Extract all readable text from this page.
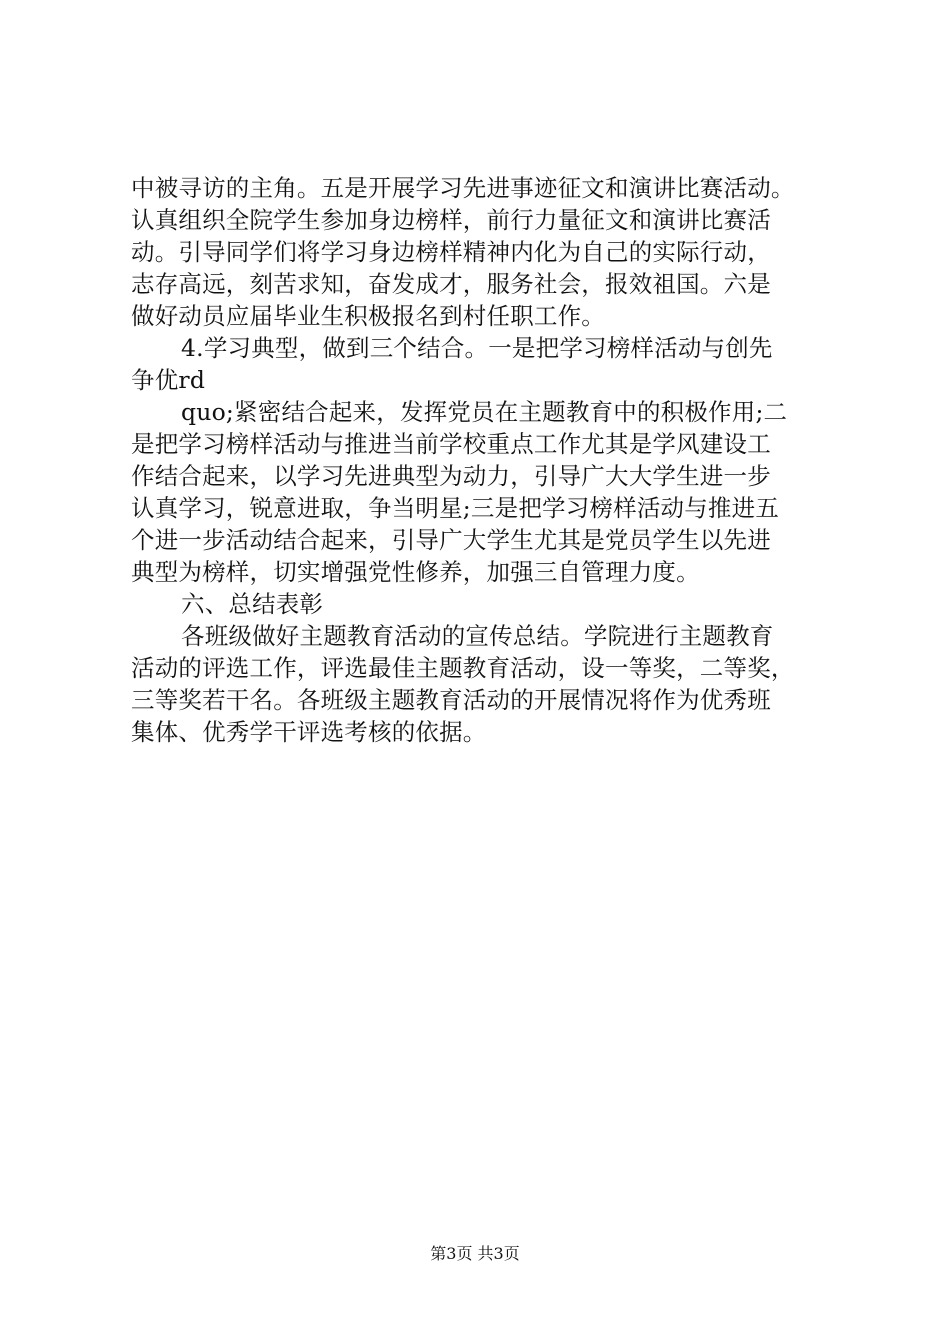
中被寻访的主角。五是开展学习先进事迹征文和演讲比赛活动。
认真组织全院学生参加身边榜样，前行力量征文和演讲比赛活
动。引导同学们将学习身边榜样精神内化为自己的实际行动，
志存高远，刻苦求知，奋发成才，服务社会，报效祖国。六是
做好动员应届毕业生积极报名到村任职工作。
4.学习典型，做到三个结合。一是把学习榜样活动与创先
争优rd
quo;紧密结合起来，发挥党员在主题教育中的积极作用;二
是把学习榜样活动与推进当前学校重点工作尤其是学风建设工
作结合起来，以学习先进典型为动力，引导广大大学生进一步
认真学习，锐意进取，争当明星;三是把学习榜样活动与推进五
个进一步活动结合起来，引导广大学生尤其是党员学生以先进
典型为榜样，切实增强党性修养，加强三自管理力度。
六、总结表彰
各班级做好主题教育活动的宣传总结。学院进行主题教育
活动的评选工作，评选最佳主题教育活动，设一等奖，二等奖，
三等奖若干名。各班级主题教育活动的开展情况将作为优秀班
集体、优秀学干评选考核的依据。
第3页 共3页
